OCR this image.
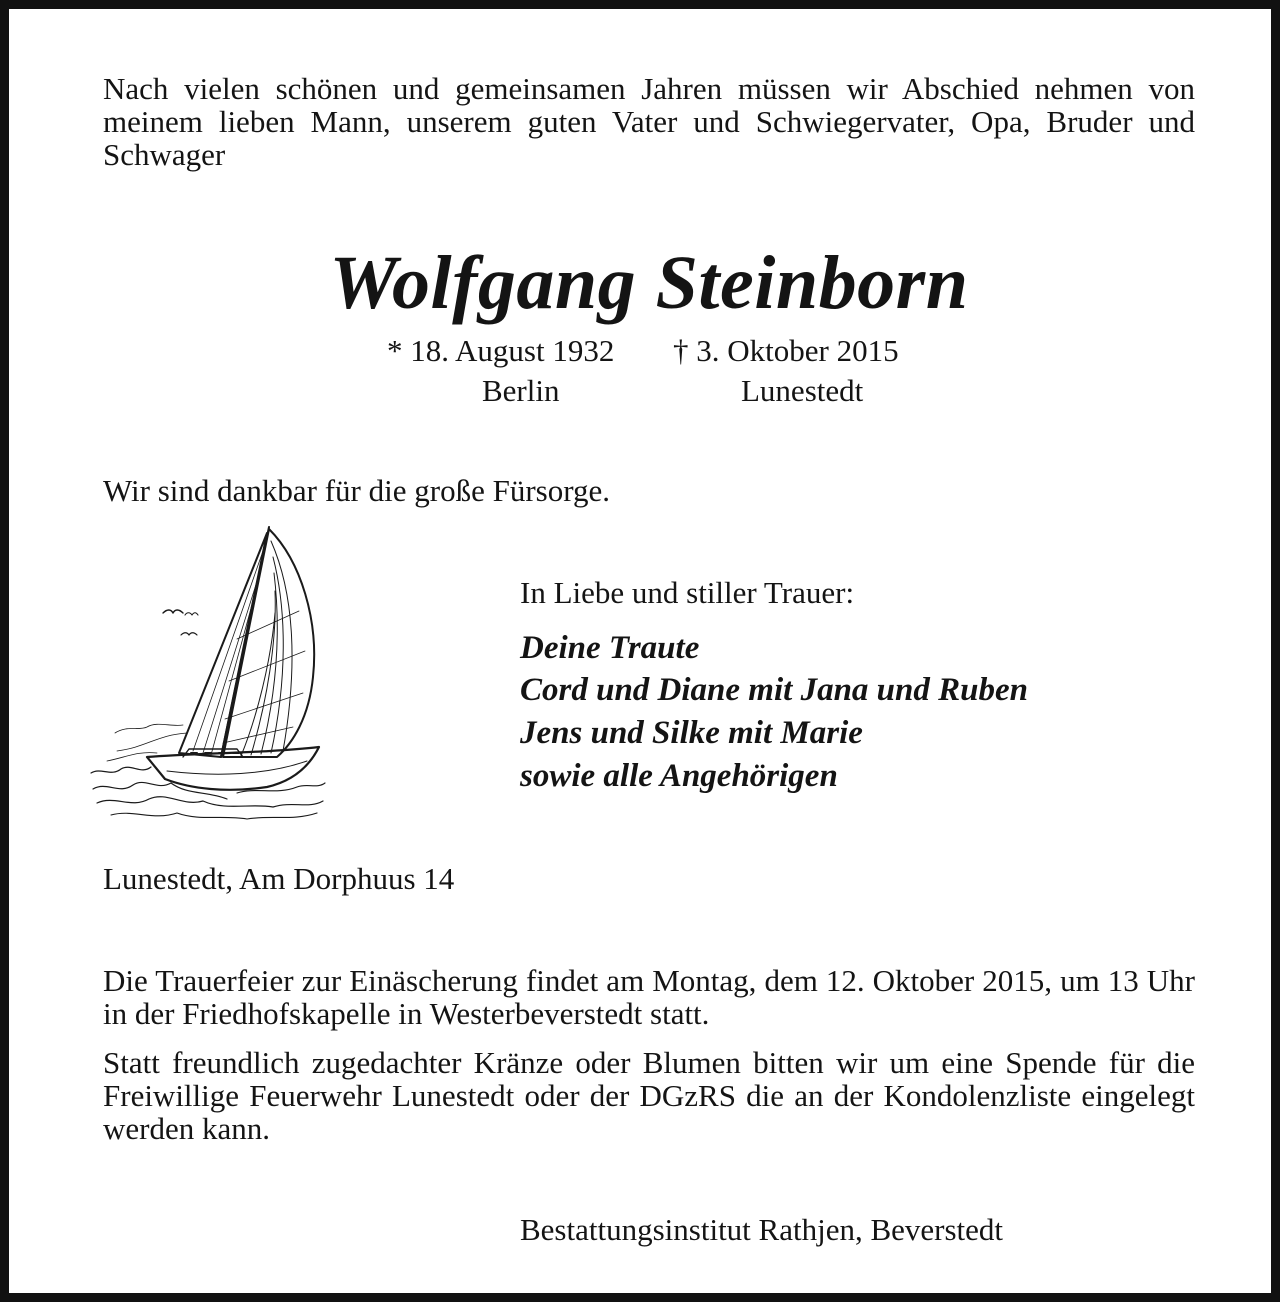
Nach vielen schönen und gemeinsamen Jahren müssen wir Abschied nehmen von meinem lieben Mann, unserem guten Vater und Schwiegervater, Opa, Bruder und Schwager
Wolfgang Steinborn
* 18. August 1932 † 3. Oktober 2015
Berlin	Lunestedt
Wir sind dankbar für die große Fürsorge.
In Liebe und stiller Trauer:
Deine Traute
Cord und Diane mit Jana und Ruben
Jens und Silke mit Marie
sowie alle Angehörigen
Lunestedt, Am Dorphuus 14
Die Trauerfeier zur Einäscherung findet am Montag, dem 12. Oktober 2015, um 13 Uhr in der Friedhofskapelle in Westerbeverstedt statt.
Statt freundlich zugedachter Kränze oder Blumen bitten wir um eine Spende für die Freiwillige Feuerwehr Lunestedt oder der DGzRS die an der Kondolenzliste eingelegt werden kann.
Bestattungsinstitut Rathjen, Beverstedt
